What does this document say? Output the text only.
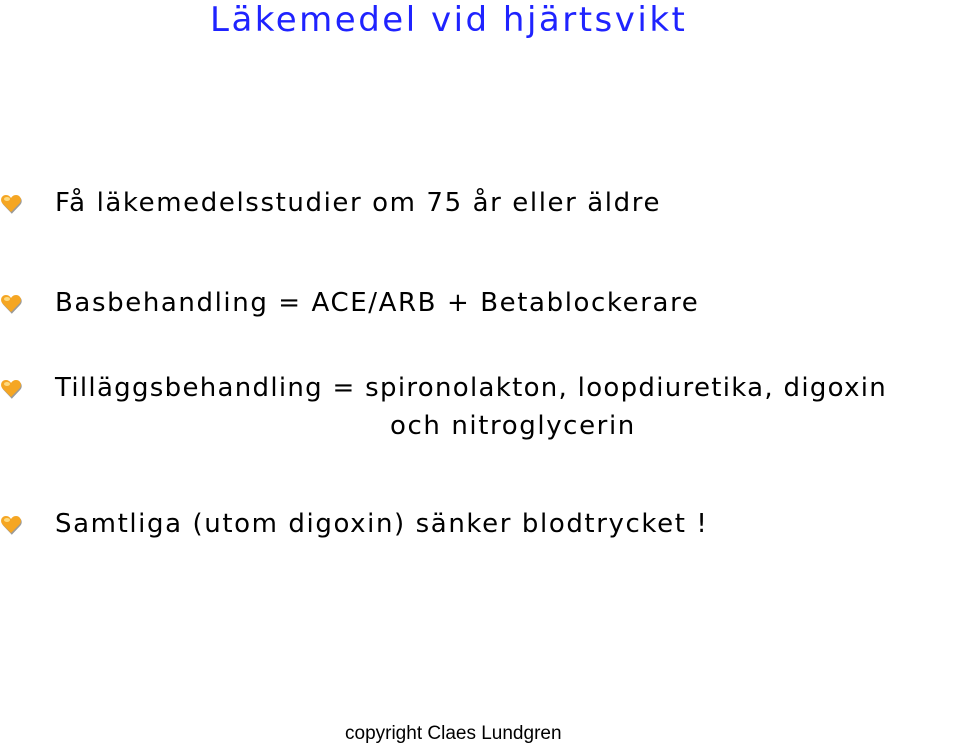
Läkemedel vid hjärtsvikt
Få läkemedelsstudier om 75 år eller äldre
Basbehandling = ACE/ARB + Betablockerare
Tilläggsbehandling = spironolakton, loopdiuretika, digoxin
och nitroglycerin
Samtliga (utom digoxin) sänker blodtrycket !
copyright Claes Lundgren
